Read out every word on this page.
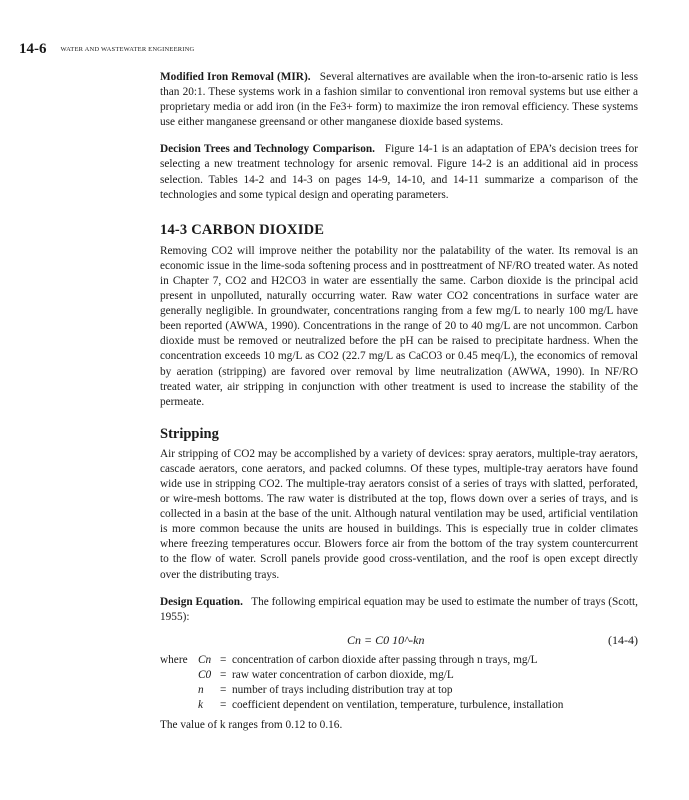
14-6 WATER AND WASTEWATER ENGINEERING

Modified Iron Removal (MIR). Several alternatives are available when the iron-to-arsenic ratio is less than 20:1. These systems work in a fashion similar to conventional iron removal systems but use either a proprietary media or add iron (in the Fe3+ form) to maximize the iron removal efficiency. These systems use either manganese greensand or other manganese dioxide based systems.

Decision Trees and Technology Comparison. Figure 14-1 is an adaptation of EPA’s decision trees for selecting a new treatment technology for arsenic removal. Figure 14-2 is an additional aid in process selection. Tables 14-2 and 14-3 on pages 14-9, 14-10, and 14-11 summarize a comparison of the technologies and some typical design and operating parameters.

14-3 CARBON DIOXIDE

Removing CO2 will improve neither the potability nor the palatability of the water. Its removal is an economic issue in the lime-soda softening process and in posttreatment of NF/RO treated water. As noted in Chapter 7, CO2 and H2CO3 in water are essentially the same. Carbon dioxide is the principal acid present in unpolluted, naturally occurring water. Raw water CO2 concentrations in surface water are generally negligible. In groundwater, concentrations ranging from a few mg/L to nearly 100 mg/L have been reported (AWWA, 1990). Concentrations in the range of 20 to 40 mg/L are not uncommon. Carbon dioxide must be removed or neutralized before the pH can be raised to precipitate hardness. When the concentration exceeds 10 mg/L as CO2 (22.7 mg/L as CaCO3 or 0.45 meq/L), the economics of removal by aeration (stripping) are favored over removal by lime neutralization (AWWA, 1990). In NF/RO treated water, air stripping in conjunction with other treatment is used to increase the stability of the permeate.

Stripping

Air stripping of CO2 may be accomplished by a variety of devices: spray aerators, multiple-tray aerators, cascade aerators, cone aerators, and packed columns. Of these types, multiple-tray aerators have found wide use in stripping CO2. The multiple-tray aerators consist of a series of trays with slatted, perforated, or wire-mesh bottoms. The raw water is distributed at the top, flows down over a series of trays, and is collected in a basin at the base of the unit. Although natural ventilation may be used, artificial ventilation is more common because the units are housed in buildings. This is especially true in colder climates where freezing temperatures occur. Blowers force air from the bottom of the tray system countercurrent to the flow of water. Scroll panels provide good cross-ventilation, and the roof is open except directly over the distributing trays.

Design Equation. The following empirical equation may be used to estimate the number of trays (Scott, 1955):

Cn = C0 10^-kn	(14-4)
where Cn = concentration of carbon dioxide after passing through n trays, mg/L
C0 = raw water concentration of carbon dioxide, mg/L
n	= number of trays including distribution tray at top
k	= coefficient dependent on ventilation, temperature, turbulence, installation

The value of k ranges from 0.12 to 0.16.
